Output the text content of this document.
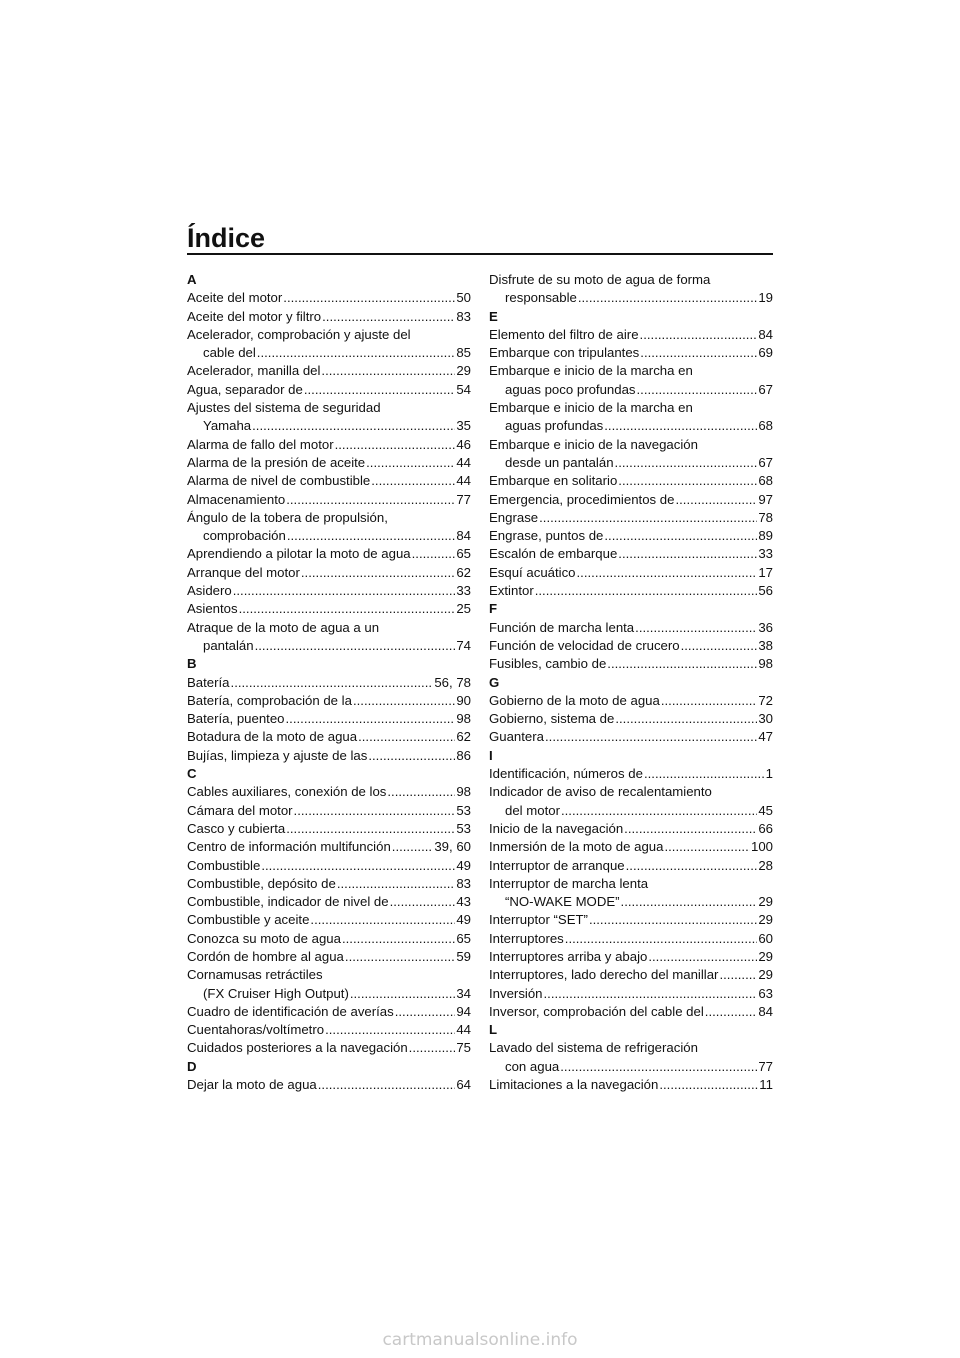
Índice
A
Aceite del motor .....	50
Aceite del motor y filtro .....	83
Acelerador, comprobación y ajuste del
cable del .....	85
Acelerador, manilla del .....	29
Agua, separador de .....	54
Ajustes del sistema de seguridad
Yamaha .....	35
Alarma de fallo del motor .....	46
Alarma de la presión de aceite .....	44
Alarma de nivel de combustible .....	44
Almacenamiento .....	77
Ángulo de la tobera de propulsión,
comprobación .....	84
Aprendiendo a pilotar la moto de agua .....	65
Arranque del motor .....	62
Asidero .....	33
Asientos .....	25
Atraque de la moto de agua a un
pantalán .....	74
B
Batería .....	56, 78
Batería, comprobación de la .....	90
Batería, puenteo .....	98
Botadura de la moto de agua .....	62
Bujías, limpieza y ajuste de las .....	86
C
Cables auxiliares, conexión de los .....	98
Cámara del motor .....	53
Casco y cubierta .....	53
Centro de información multifunción .....	39, 60
Combustible .....	49
Combustible, depósito de .....	83
Combustible, indicador de nivel de .....	43
Combustible y aceite .....	49
Conozca su moto de agua .....	65
Cordón de hombre al agua .....	59
Cornamusas retráctiles
(FX Cruiser High Output) .....	34
Cuadro de identificación de averías .....	94
Cuentahoras/voltímetro .....	44
Cuidados posteriores a la navegación .....	75
D
Dejar la moto de agua .....	64
Disfrute de su moto de agua de forma
responsable .....	19
E
Elemento del filtro de aire .....	84
Embarque con tripulantes .....	69
Embarque e inicio de la marcha en
aguas poco profundas .....	67
Embarque e inicio de la marcha en
aguas profundas .....	68
Embarque e inicio de la navegación
desde un pantalán .....	67
Embarque en solitario .....	68
Emergencia, procedimientos de .....	97
Engrase .....	78
Engrase, puntos de .....	89
Escalón de embarque .....	33
Esquí acuático .....	17
Extintor .....	56
F
Función de marcha lenta .....	36
Función de velocidad de crucero .....	38
Fusibles, cambio de .....	98
G
Gobierno de la moto de agua .....	72
Gobierno, sistema de .....	30
Guantera .....	47
I
Identificación, números de .....	1
Indicador de aviso de recalentamiento
del motor .....	45
Inicio de la navegación .....	66
Inmersión de la moto de agua .....	100
Interruptor de arranque .....	28
Interruptor de marcha lenta
“NO-WAKE MODE” .....	29
Interruptor “SET” .....	29
Interruptores .....	60
Interruptores arriba y abajo .....	29
Interruptores, lado derecho del manillar .....	29
Inversión .....	63
Inversor, comprobación del cable del .....	84
L
Lavado del sistema de refrigeración
con agua .....	77
Limitaciones a la navegación .....	11
cartmanualsonline.info
